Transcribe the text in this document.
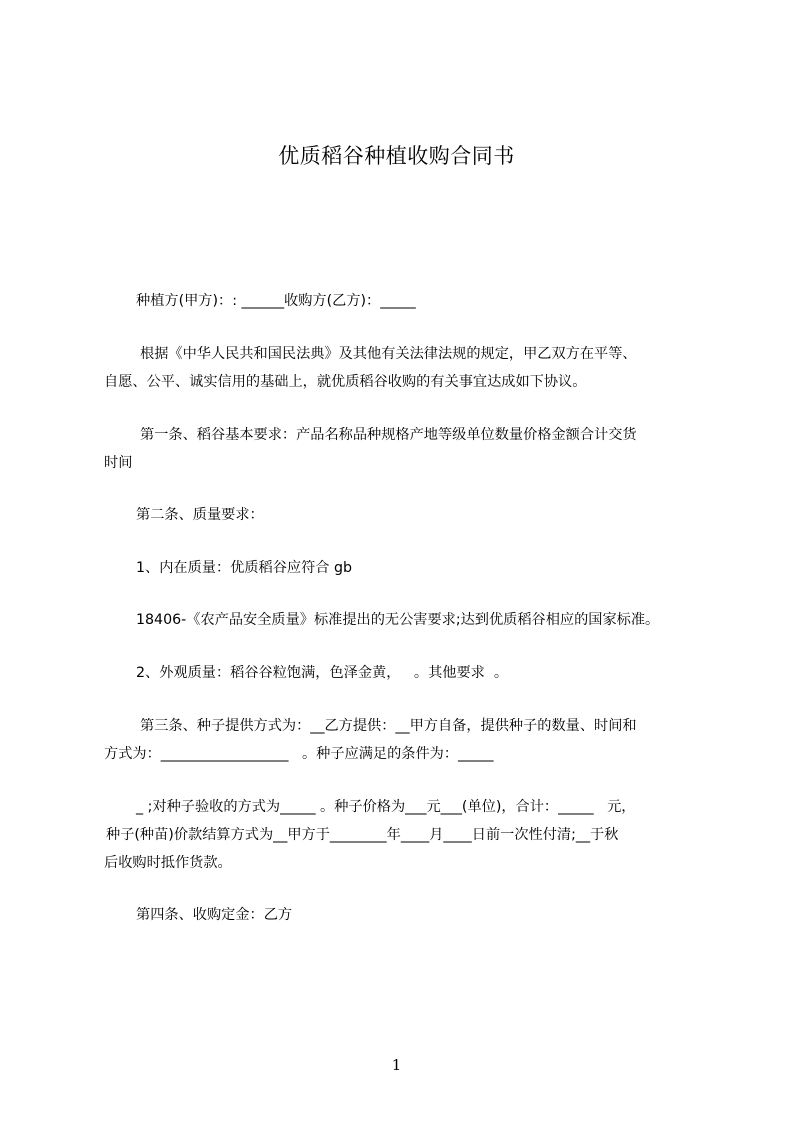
优质稻谷种植收购合同书
种植方(甲方)：: ______收购方(乙方)：_____
根据《中华人民共和国民法典》及其他有关法律法规的规定，甲乙双方在平等、
自愿、公平、诚实信用的基础上，就优质稻谷收购的有关事宜达成如下协议。
第一条、稻谷基本要求：产品名称品种规格产地等级单位数量价格金额合计交货
时间
第二条、质量要求：
1、内在质量：优质稻谷应符合 gb
18406-《农产品安全质量》标准提出的无公害要求;达到优质稻谷相应的国家标准。
2、外观质量：稻谷谷粒饱满，色泽金黄，   。其他要求  。
第三条、种子提供方式为：__乙方提供：__甲方自备，提供种子的数量、时间和
方式为：__________________   。种子应满足的条件为：_____
_ ;对种子验收的方式为_____ 。种子价格为___元___(单位)，合计：_____   元，
种子(种苗)价款结算方式为__甲方于________年____月____日前一次性付清;__于秋
后收购时抵作货款。
第四条、收购定金：乙方
1
